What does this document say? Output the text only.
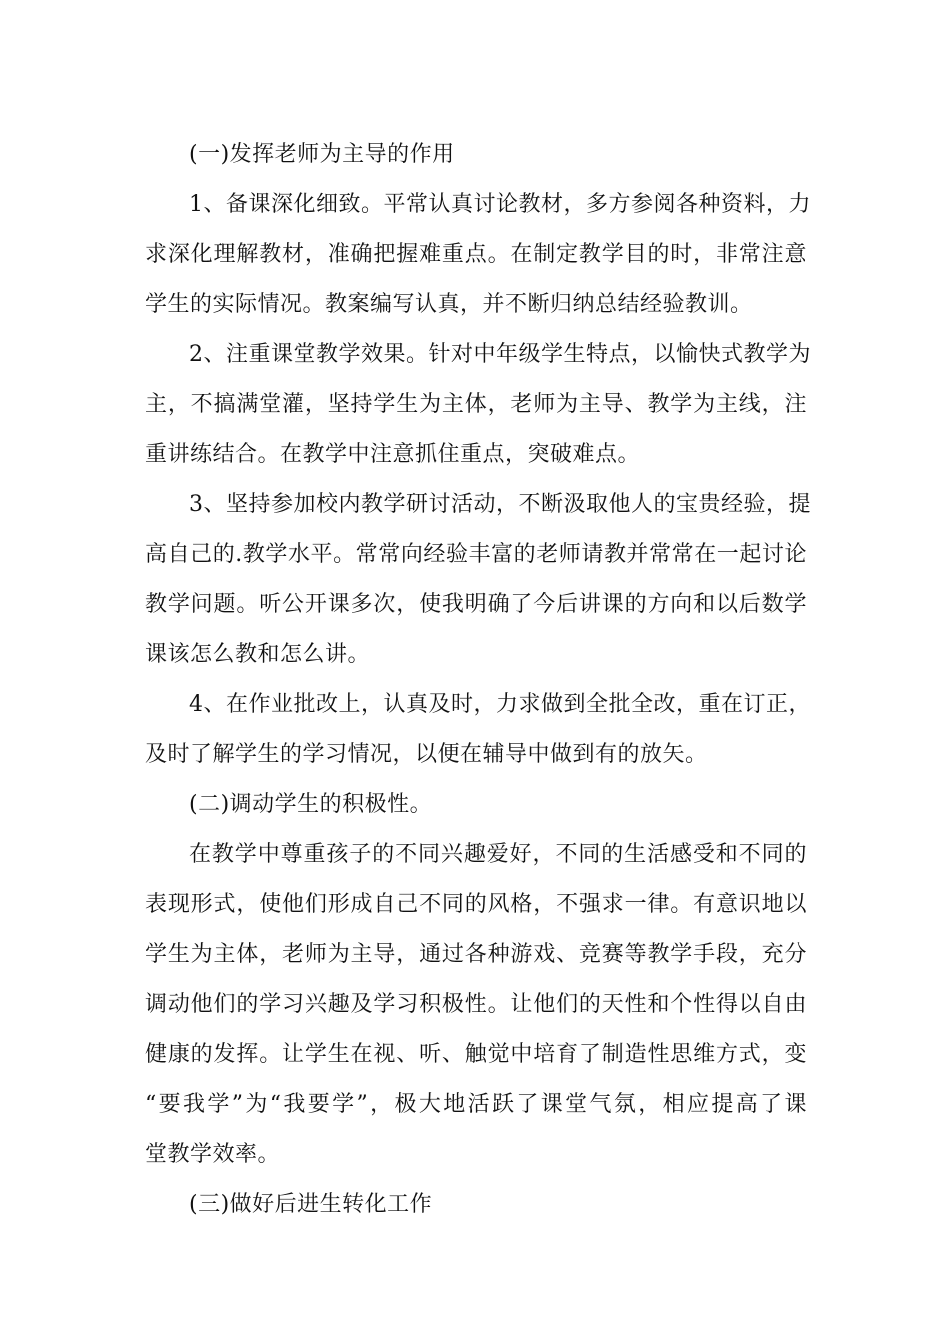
(一)发挥老师为主导的作用
1、备课深化细致。平常认真讨论教材，多方参阅各种资料，力
求深化理解教材，准确把握难重点。在制定教学目的时，非常注意
学生的实际情况。教案编写认真，并不断归纳总结经验教训。
2、注重课堂教学效果。针对中年级学生特点，以愉快式教学为
主，不搞满堂灌，坚持学生为主体，老师为主导、教学为主线，注
重讲练结合。在教学中注意抓住重点，突破难点。
3、坚持参加校内教学研讨活动，不断汲取他人的宝贵经验，提
高自己的.教学水平。常常向经验丰富的老师请教并常常在一起讨论
教学问题。听公开课多次，使我明确了今后讲课的方向和以后数学
课该怎么教和怎么讲。
4、在作业批改上，认真及时，力求做到全批全改，重在订正，
及时了解学生的学习情况，以便在辅导中做到有的放矢。
(二)调动学生的积极性。
在教学中尊重孩子的不同兴趣爱好，不同的生活感受和不同的
表现形式，使他们形成自己不同的风格，不强求一律。有意识地以
学生为主体，老师为主导，通过各种游戏、竞赛等教学手段，充分
调动他们的学习兴趣及学习积极性。让他们的天性和个性得以自由
健康的发挥。让学生在视、听、触觉中培育了制造性思维方式，变
“要我学”为“我要学”，极大地活跃了课堂气氛，相应提高了课
堂教学效率。
(三)做好后进生转化工作
